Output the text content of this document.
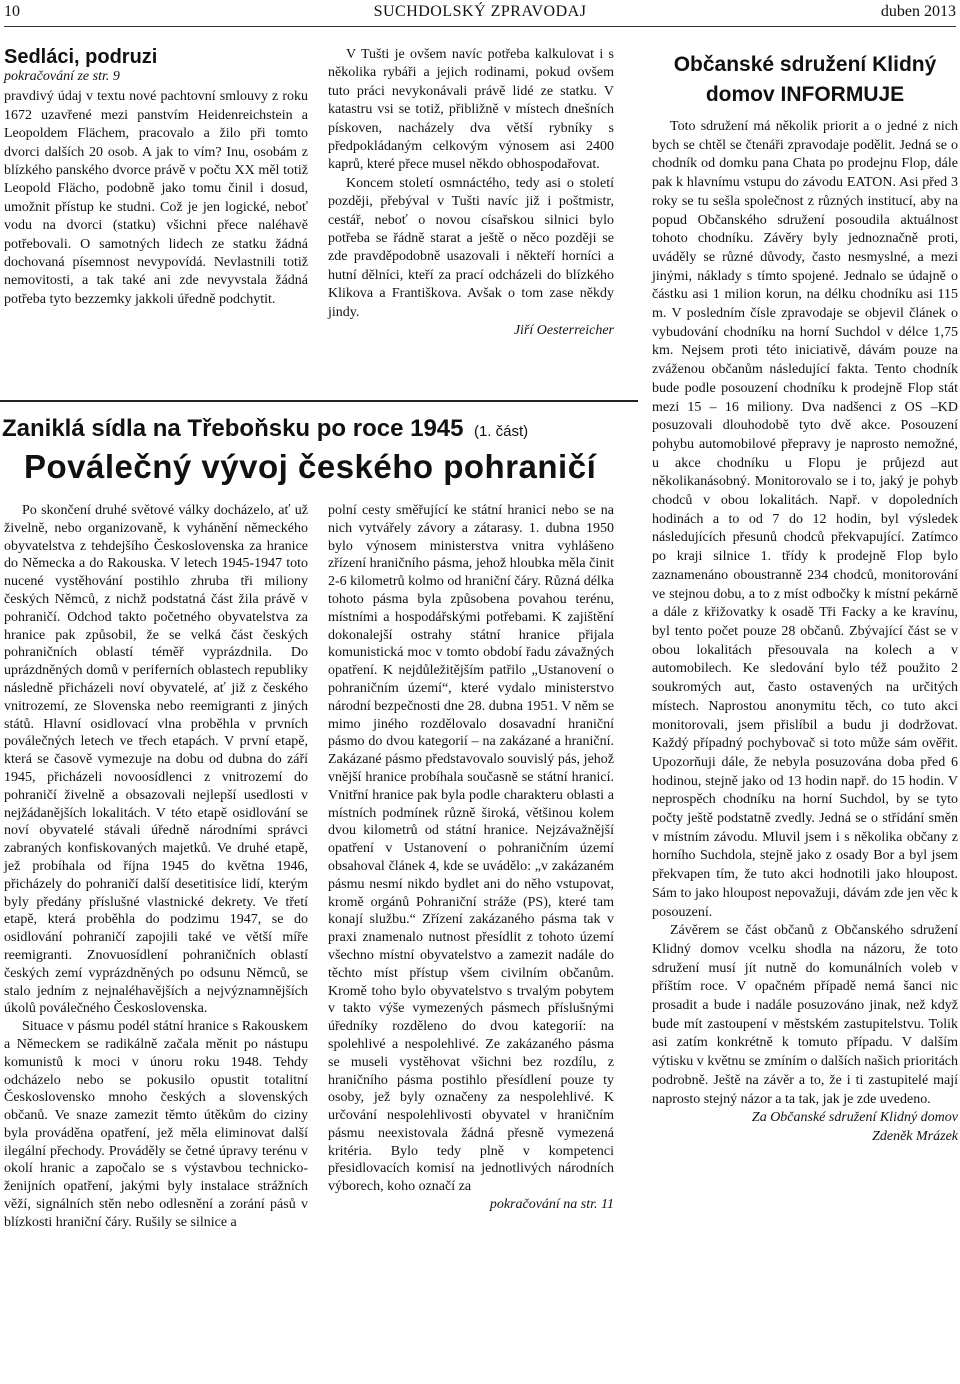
10	SUCHDOLSKÝ ZPRAVODAJ	duben 2013
Sedláci, podruzi
pokračování ze str. 9

pravdivý údaj v textu nové pachtovní smlouvy z roku 1672 uzavřené mezi panstvím Heidenreichstein a Leopoldem Flächem, pracovalo a žilo při tomto dvorci dalších 20 osob. A jak to vím? Inu, osobám z blízkého panského dvorce právě v počtu XX měl totiž Leopold Flächo, podobně jako tomu činil i dosud, umožnit přístup ke studni. Což je jen logické, neboť vodu na dvorci (statku) všichni přece naléhavě potřebovali. O samotných lidech ze statku žádná dochovaná písemnost nevypovídá. Nevlastnili totiž nemovitosti, a tak také ani zde nevyvstala žádná potřeba tyto bezzemky jakkoli úředně podchytit.

V Tušti je ovšem navíc potřeba kalkulovat i s několika rybáři a jejich rodinami, pokud ovšem tuto práci nevykonávali právě lidé ze statku. V katastru vsi se totiž, přibližně v místech dnešních pískoven, nacházely dva větší rybníky s předpokládaným celkovým výnosem asi 2400 kaprů, které přece musel někdo obhospodařovat.

Koncem století osmnáctého, tedy asi o století později, přebýval v Tušti navíc již i poštmistr, cestář, neboť o novou císařskou silnici bylo potřeba se řádně starat a ještě o něco později se zde pravděpodobně usazovali i někteří horníci a hutní dělníci, kteří za prací odcházeli do blízkého Klikova a Františkova. Avšak o tom zase někdy jindy.

Jiří Oesterreicher
Zaniklá sídla na Třeboňsku po roce 1945 (1. část)
Poválečný vývoj českého pohraničí

Po skončení druhé světové války docházelo, ať už živelně, nebo organizovaně, k vyhánění německého obyvatelstva z tehdejšího Československa za hranice do Německa a do Rakouska. V letech 1945-1947 toto nucené vystěhování postihlo zhruba tři miliony českých Němců, z nichž podstatná část žila právě v pohraničí. Odchod takto početného obyvatelstva za hranice pak způsobil, že se velká část českých pohraničních oblastí téměř vyprázdnila. Do uprázdněných domů v periferních oblastech republiky následně přicházeli noví obyvatelé, ať již z českého vnitrozemí, ze Slovenska nebo reemigranti z jiných států. Hlavní osidlovací vlna proběhla v prvních poválečných letech ve třech etapách. V první etapě, která se časově vymezuje na dobu od dubna do září 1945, přicházeli novoosídlenci z vnitrozemí do pohraničí živelně a obsazovali nejlepší usedlosti v nejžádanějších lokalitách. V této etapě osidlování se noví obyvatelé stávali úředně národními správci zabraných konfiskovaných majetků. Ve druhé etapě, jež probíhala od října 1945 do května 1946, přicházely do pohraničí další desetitisíce lidí, kterým byly předány příslušné vlastnické dekrety. Ve třetí etapě, která proběhla do podzimu 1947, se do osidlování pohraničí zapojili také ve větší míře reemigranti. Znovuosídlení pohraničních oblastí českých zemí vyprázdněných po odsunu Němců, se stalo jedním z nejnaléhavějších a nejvýznamnějších úkolů poválečného Československa.

Situace v pásmu podél státní hranice s Rakouskem a Německem se radikálně začala měnit po nástupu komunistů k moci v únoru roku 1948. Tehdy odcházelo nebo se pokusilo opustit totalitní Československo mnoho českých a slovenských občanů. Ve snaze zamezit těmto útěkům do ciziny byla prováděna opatření, jež měla eliminovat další ilegální přechody. Prováděly se četné úpravy terénu v okolí hranic a započalo se s výstavbou technicko-ženijních opatření, jakými byly instalace strážních věží, signálních stěn nebo odlesnění a zorání pásů v blízkosti hraniční čáry. Rušily se silnice a

polní cesty směřující ke státní hranici nebo se na nich vytvářely závory a zátarasy. 1. dubna 1950 bylo výnosem ministerstva vnitra vyhlášeno zřízení hraničního pásma, jehož hloubka měla činit 2-6 kilometrů kolmo od hraniční čáry. Různá délka tohoto pásma byla způsobena povahou terénu, místními a hospodářskými potřebami. K zajištění dokonalejší ostrahy státní hranice přijala komunistická moc v tomto období řadu závažných opatření. K nejdůležitějším patřilo „Ustanovení o pohraničním území“, které vydalo ministerstvo národní bezpečnosti dne 28. dubna 1951. V něm se mimo jiného rozdělovalo dosavadní hraniční pásmo do dvou kategorií – na zakázané a hraniční. Zakázané pásmo představovalo souvislý pás, jehož vnější hranice probíhala současně se státní hranicí. Vnitřní hranice pak byla podle charakteru oblasti a místních podmínek různě široká, většinou kolem dvou kilometrů od státní hranice. Nejzávažnější opatření v Ustanovení o pohraničním území obsahoval článek 4, kde se uvádělo: „v zakázaném pásmu nesmí nikdo bydlet ani do něho vstupovat, kromě orgánů Pohraniční stráže (PS), které tam konají službu.“ Zřízení zakázaného pásma tak v praxi znamenalo nutnost přesídlit z tohoto území všechno místní obyvatelstvo a zamezit nadále do těchto míst přístup všem civilním občanům. Kromě toho bylo obyvatelstvo s trvalým pobytem v takto výše vymezených pásmech příslušnými úředníky rozděleno do dvou kategorií: na spolehlivé a nespolehlivé. Ze zakázaného pásma se museli vystěhovat všichni bez rozdílu, z hraničního pásma postihlo přesídlení pouze ty osoby, jež byly označeny za nespolehlivé. K určování nespolehlivosti obyvatel v hraničním pásmu neexistovala žádná přesně vymezená kritéria. Bylo tedy plně v kompetenci přesidlovacích komisí na jednotlivých národních výborech, koho označí za

pokračování na str. 11
Občanské sdružení Klidný domov INFORMUJE

Toto sdružení má několik priorit a o jedné z nich bych se chtěl se čtenáři zpravodaje podělit. Jedná se o chodník od domku pana Chata po prodejnu Flop, dále pak k hlavnímu vstupu do závodu EATON. Asi před 3 roky se tu sešla společnost z různých institucí, aby na popud Občanského sdružení posoudila aktuálnost tohoto chodníku. Závěry byly jednoznačně proti, uváděly se různé důvody, často nesmyslné, a mezi jinými, náklady s tímto spojené. Jednalo se údajně o částku asi 1 milion korun, na délku chodníku asi 115 m. V posledním čísle zpravodaje se objevil článek o vybudování chodníku na horní Suchdol v délce 1,75 km. Nejsem proti této iniciativě, dávám pouze na zváženou občanům následující fakta. Tento chodník bude podle posouzení chodníku k prodejně Flop stát mezi 15 – 16 miliony. Dva nadšenci z OS –KD posuzovali dlouhodobě tyto dvě akce. Posouzení pohybu automobilové přepravy je naprosto nemožné, u akce chodníku u Flopu je průjezd aut několikanásobný. Monitorovalo se i to, jaký je pohyb chodců v obou lokalitách. Např. v dopoledních hodinách a to od 7 do 12 hodin, byl výsledek následujících přesunů chodců překvapující. Zatímco po kraji silnice 1. třídy k prodejně Flop bylo zaznamenáno oboustranně 234 chodců, monitorování ve stejnou dobu, a to z míst odbočky k místní pekárně a dále z křižovatky k osadě Tři Facky a ke kravínu, byl tento počet pouze 28 občanů. Zbývající část se v obou lokalitách přesouvala na kolech a v automobilech. Ke sledování bylo též použito 2 soukromých aut, často ostavených na určitých místech. Naprostou anonymitu těch, co tuto akci monitorovali, jsem přislíbil a budu ji dodržovat. Každý případný pochybovač si toto může sám ověřit. Upozorňuji dále, že nebyla posuzována doba před 6 hodinou, stejně jako od 13 hodin např. do 15 hodin. V neprospěch chodníku na horní Suchdol, by se tyto počty ještě podstatně zvedly. Jedná se o střídání směn v místním závodu. Mluvil jsem i s několika občany z horního Suchdola, stejně jako z osady Bor a byl jsem překvapen tím, že tuto akci hodnotili jako hloupost. Sám to jako hloupost nepovažuji, dávám zde jen věc k posouzení.

Závěrem se část občanů z Občanského sdružení Klidný domov vcelku shodla na názoru, že toto sdružení musí jít nutně do komunálních voleb v příštím roce. V opačném případě nemá šanci nic prosadit a bude i nadále posuzováno jinak, než když bude mít zastoupení v městském zastupitelstvu. Tolik asi zatím konkrétně k tomuto případu. V dalším výtisku v květnu se zmíním o dalších našich prioritách podrobně. Ještě na závěr a to, že i ti zastupitelé mají naprosto stejný názor a ta tak, jak je zde uvedeno.

Za Občanské sdružení Klidný domov
Zdeněk Mrázek
